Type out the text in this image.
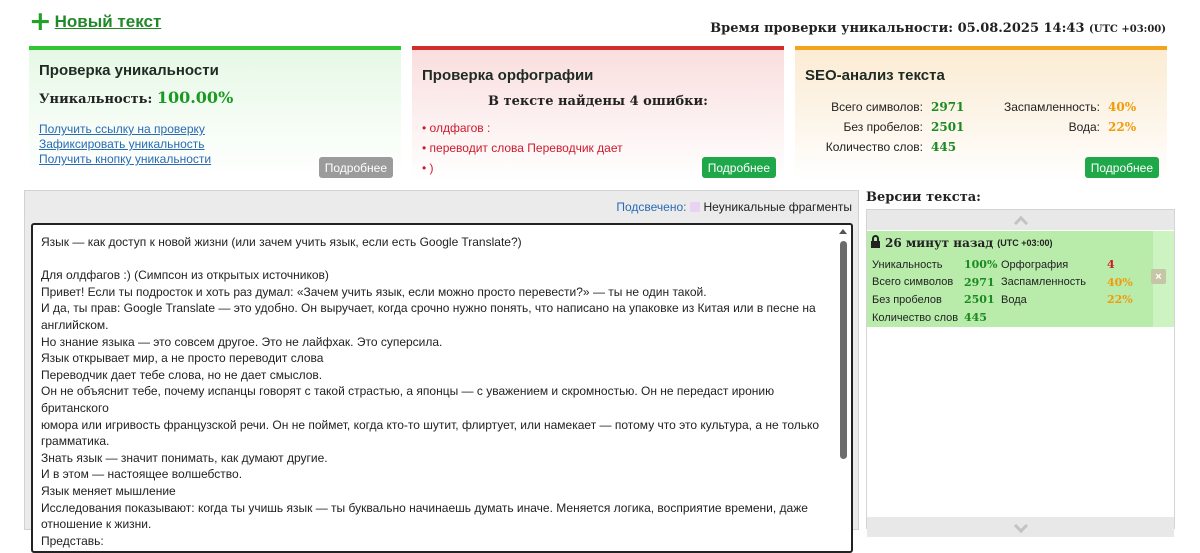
+ Новый текст	Время проверки уникальности: 05.08.2025 14:43 (UTC +03:00)
Проверка уникальности
Уникальность: 100.00%
Получить ссылку на проверку
Зафиксировать уникальность
Получить кнопку уникальности
Подробнее
Проверка орфографии
В тексте найдены 4 ошибки:
• олдфагов :
• переводит слова Переводчик дает
• )	Подробнее
SEO-анализ текста
Всего символов: 2971
Без пробелов: 2501
Количество слов: 445
Заспамленность: 40%
Вода: 22%
Подробнее
Подсвечено: Неуникальные фрагменты
Язык — как доступ к новой жизни (или зачем учить язык, если есть Google Translate?)
Для олдфагов :) (Симпсон из открытых источников)
Привет! Если ты подросток и хоть раз думал: «Зачем учить язык, если можно просто перевести?» — ты не один такой.
И да, ты прав: Google Translate — это удобно. Он выручает, когда срочно нужно понять, что написано на упаковке из Китая или в песне на
английском.
Но знание языка — это совсем другое. Это не лайфхак. Это суперсила.
Язык открывает мир, а не просто переводит слова
Переводчик дает тебе слова, но не дает смыслов.
Он не объяснит тебе, почему испанцы говорят с такой страстью, а японцы — с уважением и скромностью. Он не передаст иронию британского
юмора или игривость французской речи. Он не поймет, когда кто-то шутит, флиртует, или намекает — потому что это культура, а не только
грамматика.
Знать язык — значит понимать, как думают другие.
И в этом — настоящее волшебство.
Язык меняет мышление
Исследования показывают: когда ты учишь язык — ты буквально начинаешь думать иначе. Меняется логика, восприятие времени, даже
отношение к жизни.
Представь:
Версии текста:
26 минут назад (UTC +03:00)
Уникальность	100%
Всего символов 2971
Без пробелов	2501
Количество слов 445
Орфография	4
Заспамленность	40%
Вода	22%
×
